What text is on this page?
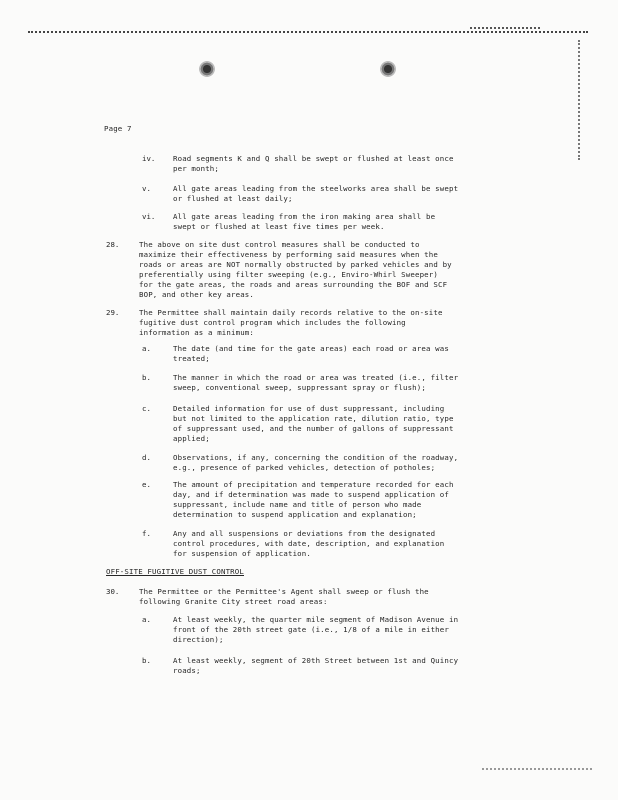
Page 7
iv. Road segments K and Q shall be swept or flushed at least once
per month;
v.	All gate areas leading from the steelworks area shall be swept
or flushed at least daily;
vi. All gate areas leading from the iron making area shall be
swept or flushed at least five times per week.
28.	The above on site dust control measures shall be conducted to
maximize their effectiveness by performing said measures when the
roads or areas are NOT normally obstructed by parked vehicles and by
preferentially using filter sweeping (e.g., Enviro-Whirl Sweeper)
for the gate areas, the roads and areas surrounding the BOF and SCF
BOP, and other key areas.
29.	The Permittee shall maintain daily records relative to the on-site
fugitive dust control program which includes the following
information as a minimum:
a.	The date (and time for the gate areas) each road or area was
treated;
b.	The manner in which the road or area was treated (i.e., filter
sweep, conventional sweep, suppressant spray or flush);
c.	Detailed information for use of dust suppressant, including
but not limited to the application rate, dilution ratio, type
of suppressant used, and the number of gallons of suppressant
applied;
d.	Observations, if any, concerning the condition of the roadway,
e.g., presence of parked vehicles, detection of potholes;
e.	The amount of precipitation and temperature recorded for each
day, and if determination was made to suspend application of
suppressant, include name and title of person who made
determination to suspend application and explanation;
f.	Any and all suspensions or deviations from the designated
control procedures, with date, description, and explanation
for suspension of application.
OFF-SITE FUGITIVE DUST CONTROL
30.	The Permittee or the Permittee's Agent shall sweep or flush the
following Granite City street road areas:
a.	At least weekly, the quarter mile segment of Madison Avenue in
front of the 20th street gate (i.e., 1/8 of a mile in either
direction);
b.	At least weekly, segment of 20th Street between 1st and Quincy
roads;
